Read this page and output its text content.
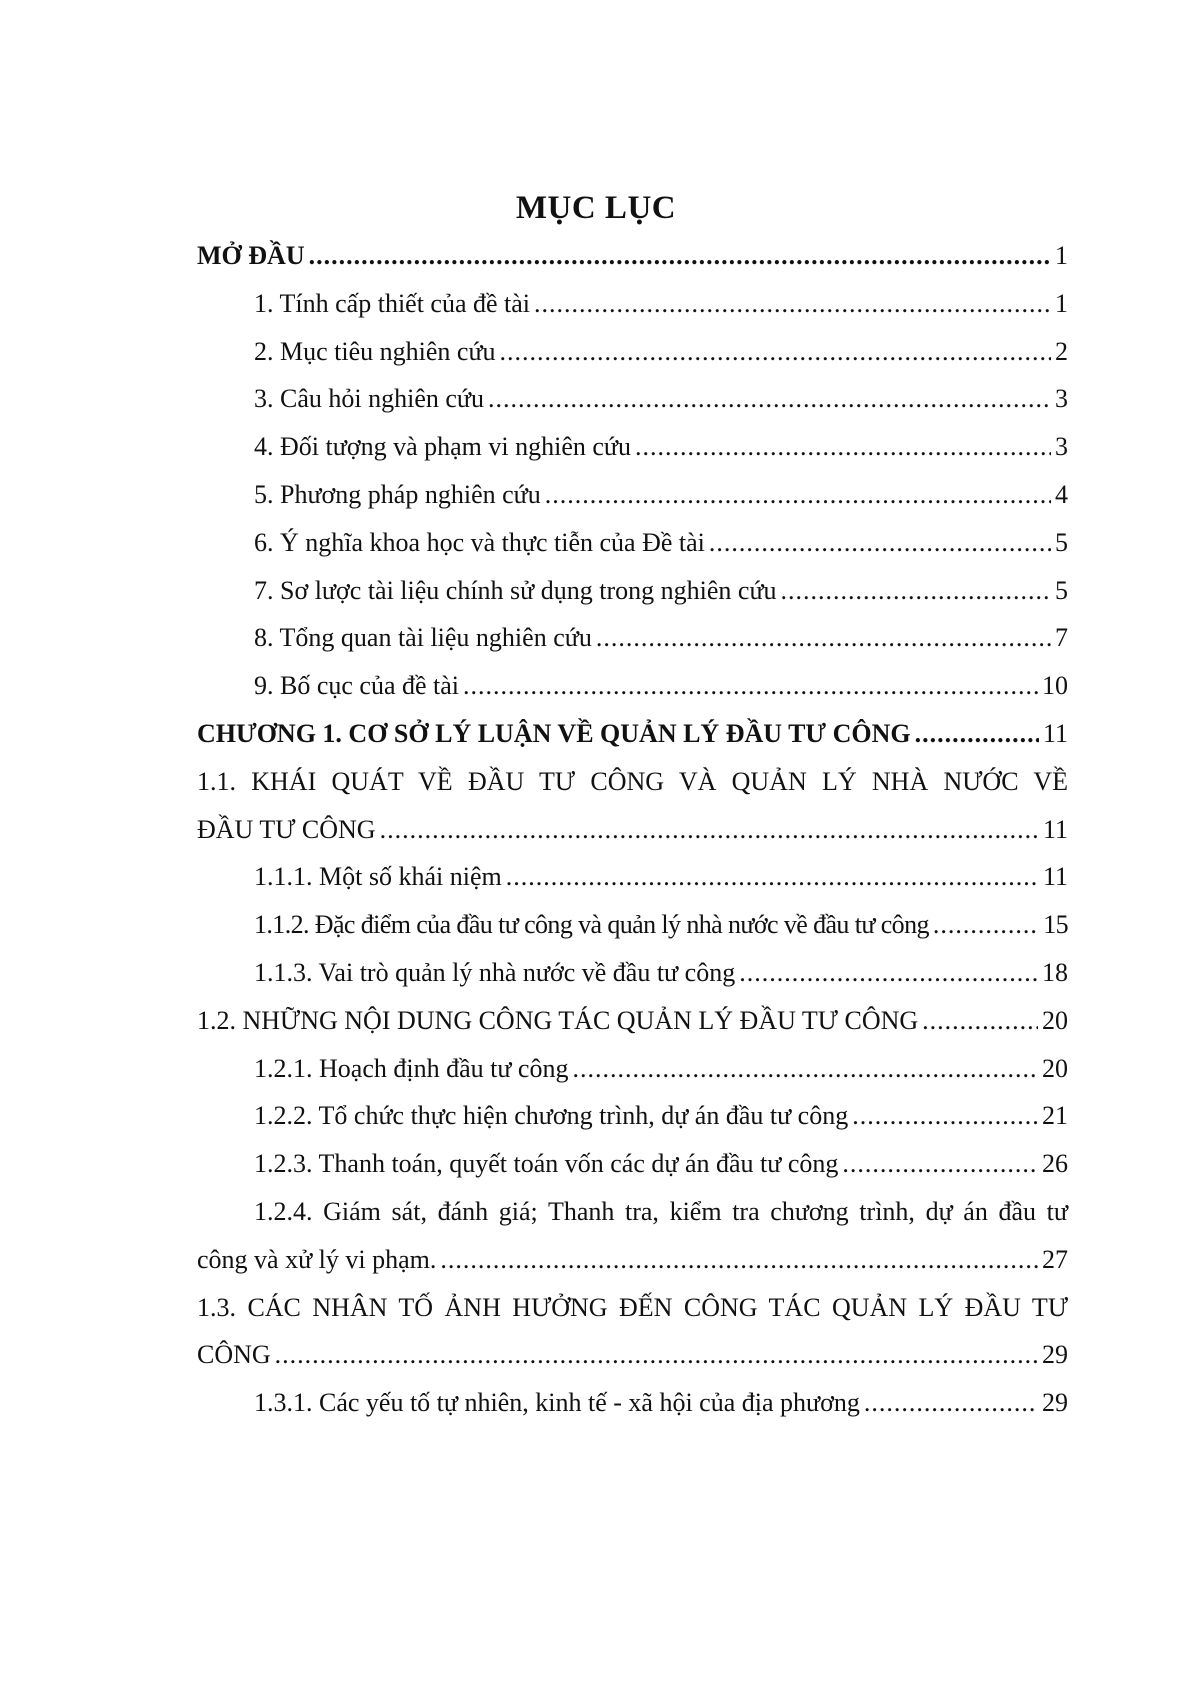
MỤC LỤC
MỞ ĐẦU .....	1
1. Tính cấp thiết của đề tài .....	1
2. Mục tiêu nghiên cứu .....	2
3. Câu hỏi nghiên cứu .....	3
4. Đối tượng và phạm vi nghiên cứu .....	3
5. Phương pháp nghiên cứu .....	4
6. Ý nghĩa khoa học và thực tiễn của Đề tài .....	5
7. Sơ lược tài liệu chính sử dụng trong nghiên cứu .....	5
8. Tổng quan tài liệu nghiên cứu .....	7
9. Bố cục của đề tài .....	10
CHƯƠNG 1. CƠ SỞ LÝ LUẬN VỀ QUẢN LÝ ĐẦU TƯ CÔNG .....	11
1.1. KHÁI QUÁT VỀ ĐẦU TƯ CÔNG VÀ QUẢN LÝ NHÀ NƯỚC VỀ
ĐẦU TƯ CÔNG .....	11
1.1.1. Một số khái niệm .....	11
1.1.2. Đặc điểm của đầu tư công và quản lý nhà nước về đầu tư công .....	15
1.1.3. Vai trò quản lý nhà nước về đầu tư công .....	18
1.2. NHỮNG NỘI DUNG CÔNG TÁC QUẢN LÝ ĐẦU TƯ CÔNG .....	20
1.2.1. Hoạch định đầu tư công .....	20
1.2.2. Tổ chức thực hiện chương trình, dự án đầu tư công .....	21
1.2.3. Thanh toán, quyết toán vốn các dự án đầu tư công .....	26
1.2.4. Giám sát, đánh giá; Thanh tra, kiểm tra chương trình, dự án đầu tư
công và xử lý vi phạm. .....	27
1.3. CÁC NHÂN TỐ ẢNH HƯỞNG ĐẾN CÔNG TÁC QUẢN LÝ ĐẦU TƯ
CÔNG .....	29
1.3.1. Các yếu tố tự nhiên, kinh tế - xã hội của địa phương .....	29
